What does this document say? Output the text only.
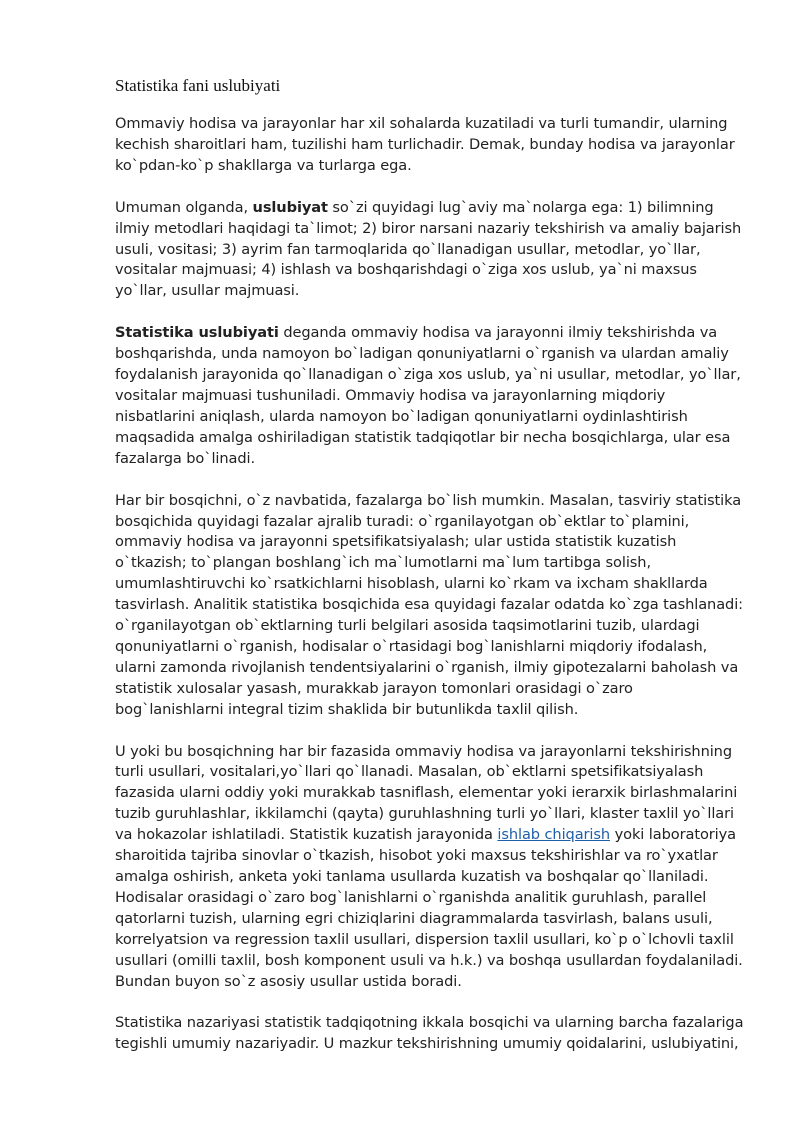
Statistika fani uslubiyati

Ommaviy hodisa va jarayonlar har xil sohalarda kuzatiladi va turli tumandir, ularning kechish sharoitlari ham, tuzilishi ham turlichadir. Demak, bunday hodisa va jarayonlar ko`pdan-ko`p shakllarga va turlarga ega.

Umuman olganda, uslubiyat so`zi quyidagi lug`aviy ma`nolarga ega: 1) bilimning ilmiy metodlari haqidagi ta`limot; 2) biror narsani nazariy tekshirish va amaliy bajarish usuli, vositasi; 3) ayrim fan tarmoqlarida qo`llanadigan usullar, metodlar, yo`llar, vositalar majmuasi; 4) ishlash va boshqarishdagi o`ziga xos uslub, ya`ni maxsus yo`llar, usullar majmuasi.

Statistika uslubiyati deganda ommaviy hodisa va jarayonni ilmiy tekshirishda va boshqarishda, unda namoyon bo`ladigan qonuniyatlarni o`rganish va ulardan amaliy foydalanish jarayonida qo`llanadigan o`ziga xos uslub, ya`ni usullar, metodlar, yo`llar, vositalar majmuasi tushuniladi. Ommaviy hodisa va jarayonlarning miqdoriy nisbatlarini aniqlash, ularda namoyon bo`ladigan qonuniyatlarni oydinlashtirish maqsadida amalga oshiriladigan statistik tadqiqotlar bir necha bosqichlarga, ular esa fazalarga bo`linadi.

Har bir bosqichni, o`z navbatida, fazalarga bo`lish mumkin. Masalan, tasviriy statistika bosqichida quyidagi fazalar ajralib turadi: o`rganilayotgan ob`ektlar to`plamini, ommaviy hodisa va jarayonni spetsifikatsiyalash; ular ustida statistik kuzatish o`tkazish; to`plangan boshlang`ich ma`lumotlarni ma`lum tartibga solish, umumlashtiruvchi ko`rsatkichlarni hisoblash, ularni ko`rkam va ixcham shakllarda tasvirlash. Analitik statistika bosqichida esa quyidagi fazalar odatda ko`zga tashlanadi: o`rganilayotgan ob`ektlarning turli belgilari asosida taqsimotlarini tuzib, ulardagi qonuniyatlarni o`rganish, hodisalar o`rtasidagi bog`lanishlarni miqdoriy ifodalash, ularni zamonda rivojlanish tendentsiyalarini o`rganish, ilmiy gipotezalarni baholash va statistik xulosalar yasash, murakkab jarayon tomonlari orasidagi o`zaro bog`lanishlarni integral tizim shaklida bir butunlikda taxlil qilish.

U yoki bu bosqichning har bir fazasida ommaviy hodisa va jarayonlarni tekshirishning turli usullari, vositalari,yo`llari qo`llanadi. Masalan, ob`ektlarni spetsifikatsiyalash fazasida ularni oddiy yoki murakkab tasniflash, elementar yoki ierarxik birlashmalarini tuzib guruhlashlar, ikkilamchi (qayta) guruhlashning turli yo`llari, klaster taxlil yo`llari va hokazolar ishlatiladi. Statistik kuzatish jarayonida ishlab chiqarish yoki laboratoriya sharoitida tajriba sinovlar o`tkazish, hisobot yoki maxsus tekshirishlar va ro`yxatlar amalga oshirish, anketa yoki tanlama usullarda kuzatish va boshqalar qo`llaniladi. Hodisalar orasidagi o`zaro bog`lanishlarni o`rganishda analitik guruhlash, parallel qatorlarni tuzish, ularning egri chiziqlarini diagrammalarda tasvirlash, balans usuli, korrelyatsion va regression taxlil usullari, dispersion taxlil usullari, ko`p o`lchovli taxlil usullari (omilli taxlil, bosh komponent usuli va h.k.) va boshqa usullardan foydalaniladi. Bundan buyon so`z asosiy usullar ustida boradi.

Statistika nazariyasi statistik tadqiqotning ikkala bosqichi va ularning barcha fazalariga tegishli umumiy nazariyadir. U mazkur tekshirishning umumiy qoidalarini, uslubiyatini,
